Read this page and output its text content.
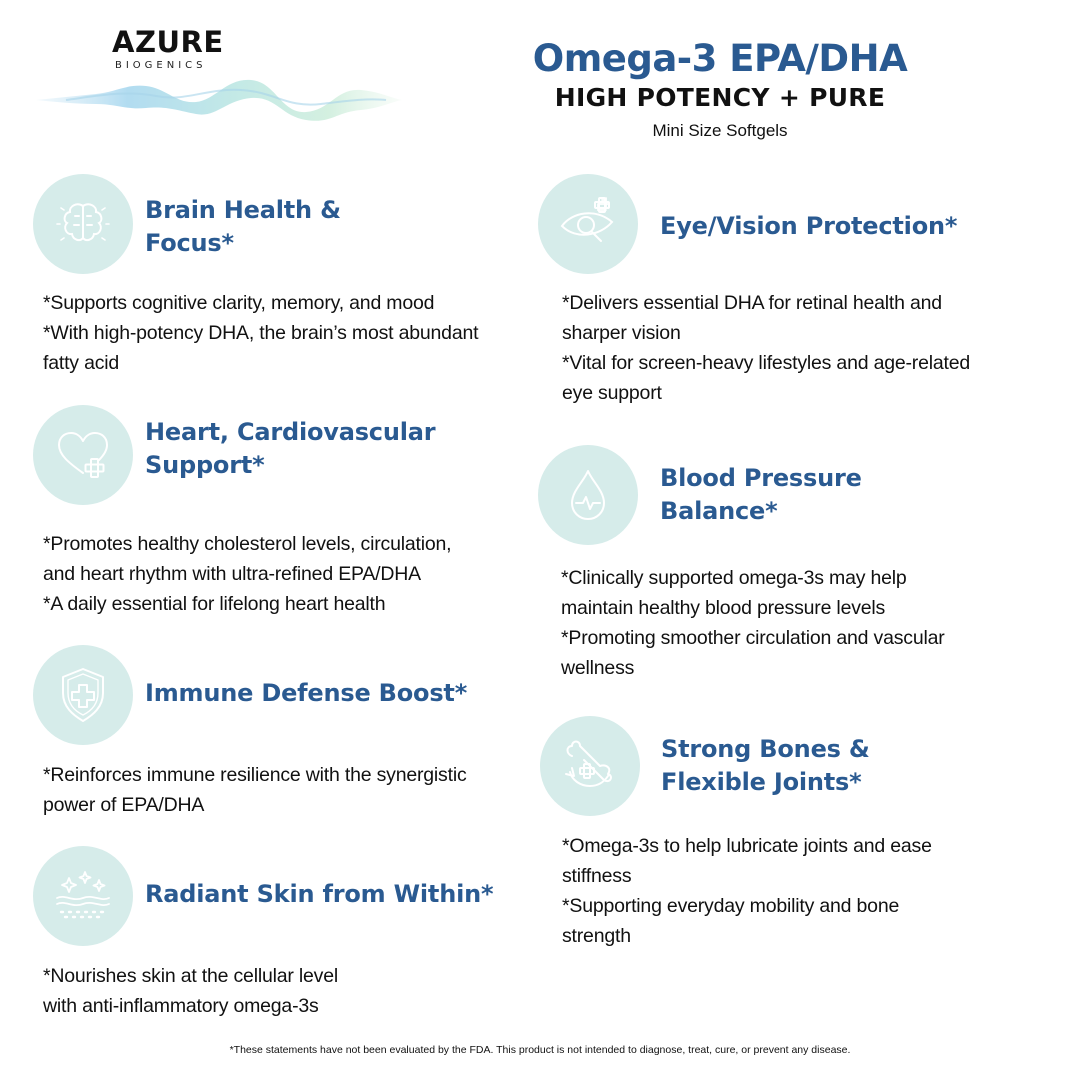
AZURE
BIOGENICS	Omega-3 EPA/DHA
HIGH POTENCY + PURE
Mini Size Softgels
Brain Health &
Focus*
*Supports cognitive clarity, memory, and mood
*With high-potency DHA, the brain’s most abundant
fatty acid
Eye/Vision Protection*
*Delivers essential DHA for retinal health and
sharper vision
*Vital for screen-heavy lifestyles and age-related
eye support
Heart, Cardiovascular
Support*
*Promotes healthy cholesterol levels, circulation,
and heart rhythm with ultra-refined EPA/DHA
*A daily essential for lifelong heart health
Blood Pressure
Balance*
*Clinically supported omega-3s may help
maintain healthy blood pressure levels
*Promoting smoother circulation and vascular
wellness
Immune Defense Boost*
*Reinforces immune resilience with the synergistic
power of EPA/DHA
Strong Bones &
Flexible Joints*
*Omega-3s to help lubricate joints and ease
stiffness
*Supporting everyday mobility and bone
strength
Radiant Skin from Within*
*Nourishes skin at the cellular level
with anti-inflammatory omega-3s
*These statements have not been evaluated by the FDA. This product is not intended to diagnose, treat, cure, or prevent any disease.
